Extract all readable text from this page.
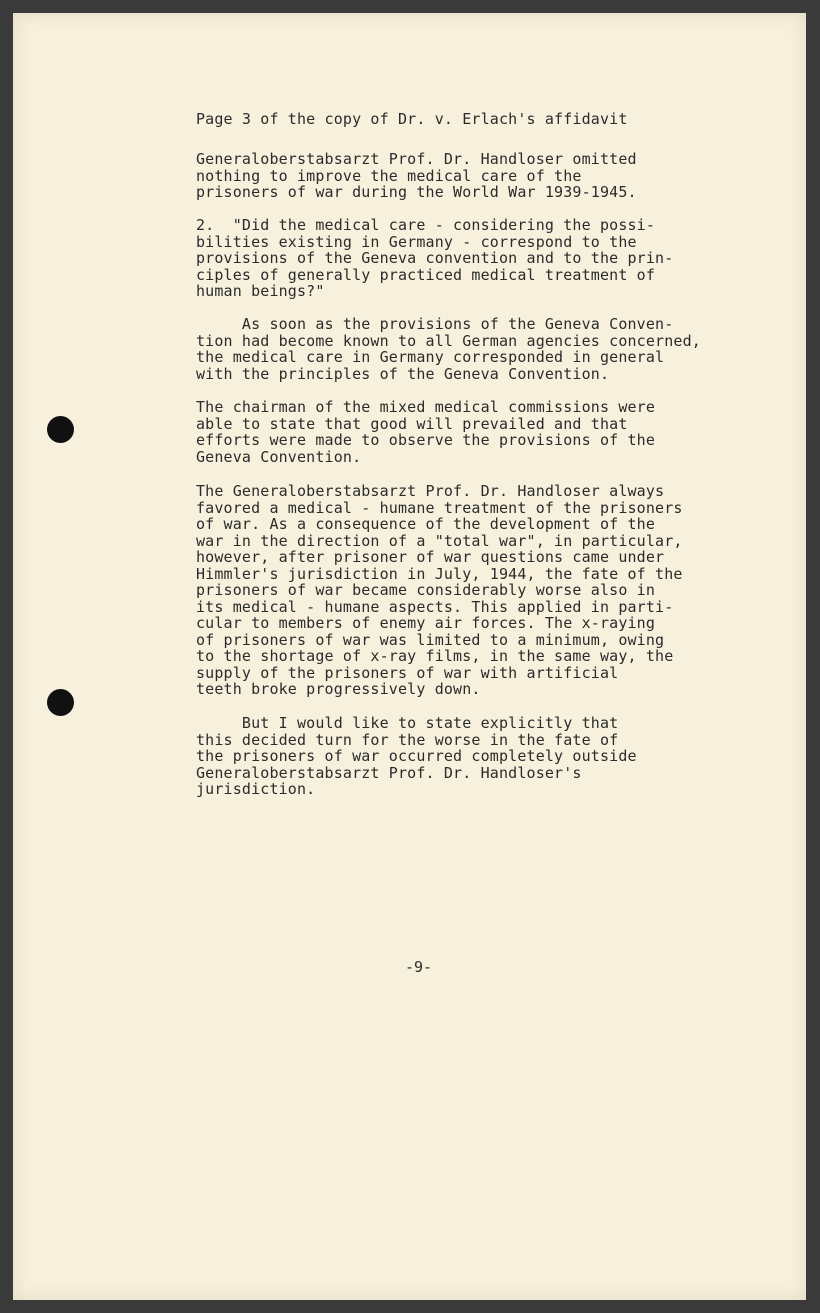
Page 3 of the copy of Dr. v. Erlach's affidavit

Generaloberstabsarzt Prof. Dr. Handloser omitted

nothing to improve the medical care of the

prisoners of war during the World War 1939-1945.

2.  "Did the medical care - considering the possi-

bilities existing in Germany - correspond to the

provisions of the Geneva convention and to the prin-

ciples of generally practiced medical treatment of

human beings?"

As soon as the provisions of the Geneva Conven-

tion had become known to all German agencies concerned,

the medical care in Germany corresponded in general

with the principles of the Geneva Convention.

The chairman of the mixed medical commissions were

able to state that good will prevailed and that

efforts were made to observe the provisions of the

Geneva Convention.

The Generaloberstabsarzt Prof. Dr. Handloser always

favored a medical - humane treatment of the prisoners

of war. As a consequence of the development of the

war in the direction of a "total war", in particular,

however, after prisoner of war questions came under

Himmler's jurisdiction in July, 1944, the fate of the

prisoners of war became considerably worse also in

its medical - humane aspects. This applied in parti-

cular to members of enemy air forces. The x-raying

of prisoners of war was limited to a minimum, owing

to the shortage of x-ray films, in the same way, the

supply of the prisoners of war with artificial

teeth broke progressively down.

But I would like to state explicitly that

this decided turn for the worse in the fate of

the prisoners of war occurred completely outside

Generaloberstabsarzt Prof. Dr. Handloser's

jurisdiction.

-9-
